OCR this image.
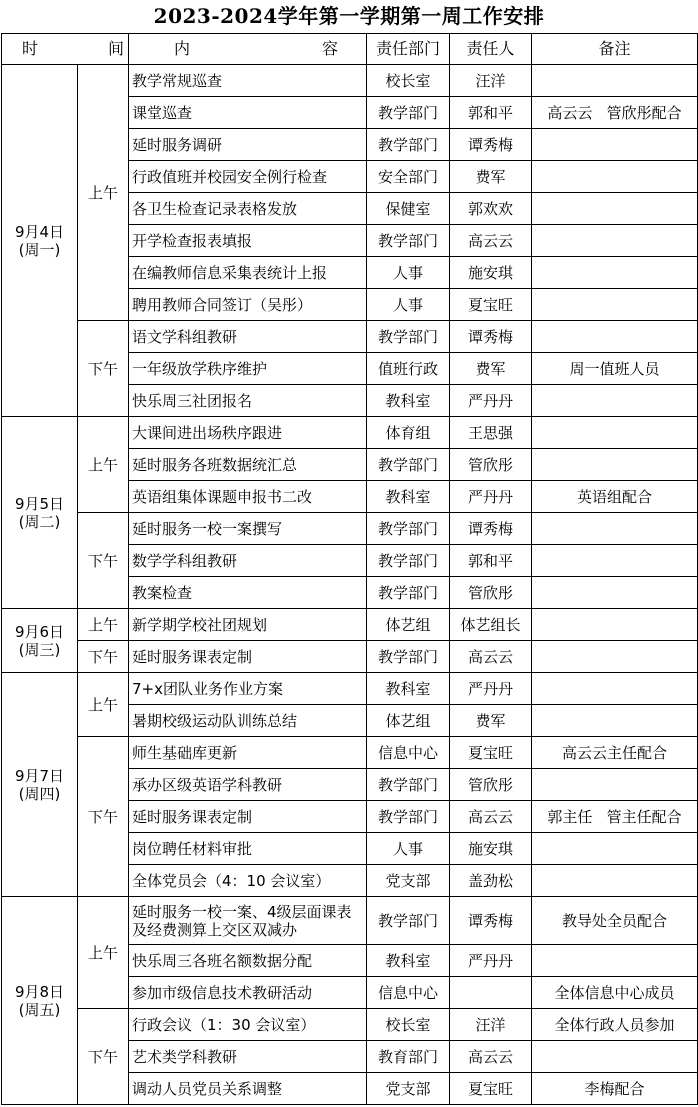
2023-2024学年第一学期第一周工作安排
时 间		内 容	责任部门	责任人	备注

9月4日
(周一)	上午	教学常规巡查	校长室	汪洋	
		课堂巡查	教学部门	郭和平	高云云   管欣彤配合
		延时服务调研	教学部门	谭秀梅	
		行政值班并校园安全例行检查	安全部门	费军	
		各卫生检查记录表格发放	保健室	郭欢欢	
		开学检查报表填报	教学部门	高云云	
		在编教师信息采集表统计上报	人事	施安琪	
		聘用教师合同签订（吴彤）	人事	夏宝旺	
	下午	语文学科组教研	教学部门	谭秀梅	
		一年级放学秩序维护	值班行政	费军	周一值班人员
		快乐周三社团报名	教科室	严丹丹	

9月5日
(周二)	上午	大课间进出场秩序跟进	体育组	王思强	
		延时服务各班数据统汇总	教学部门	管欣彤	
		英语组集体课题申报书二改	教科室	严丹丹	英语组配合
	下午	延时服务一校一案撰写	教学部门	谭秀梅	
		数学学科组教研	教学部门	郭和平	
		教案检查	教学部门	管欣彤	

9月6日
(周三)	上午	新学期学校社团规划	体艺组	体艺组长	
	下午	延时服务课表定制	教学部门	高云云	

9月7日
(周四)	上午	7+x团队业务作业方案	教科室	严丹丹	
		暑期校级运动队训练总结	体艺组	费军	
	下午	师生基础库更新	信息中心	夏宝旺	高云云主任配合
		承办区级英语学科教研	教学部门	管欣彤	
		延时服务课表定制	教学部门	高云云	郭主任   管主任配合
		岗位聘任材料审批	人事	施安琪	
		全体党员会（4：10 会议室）	党支部	盖劲松	

9月8日
(周五)	上午	延时服务一校一案、4级层面课表及经费测算上交区双减办	教学部门	谭秀梅	教导处全员配合
		快乐周三各班名额数据分配	教科室	严丹丹	
		参加市级信息技术教研活动	信息中心		全体信息中心成员
	下午	行政会议（1：30 会议室）	校长室	汪洋	全体行政人员参加
		艺术类学科教研	教育部门	高云云	
		调动人员党员关系调整	党支部	夏宝旺	李梅配合
